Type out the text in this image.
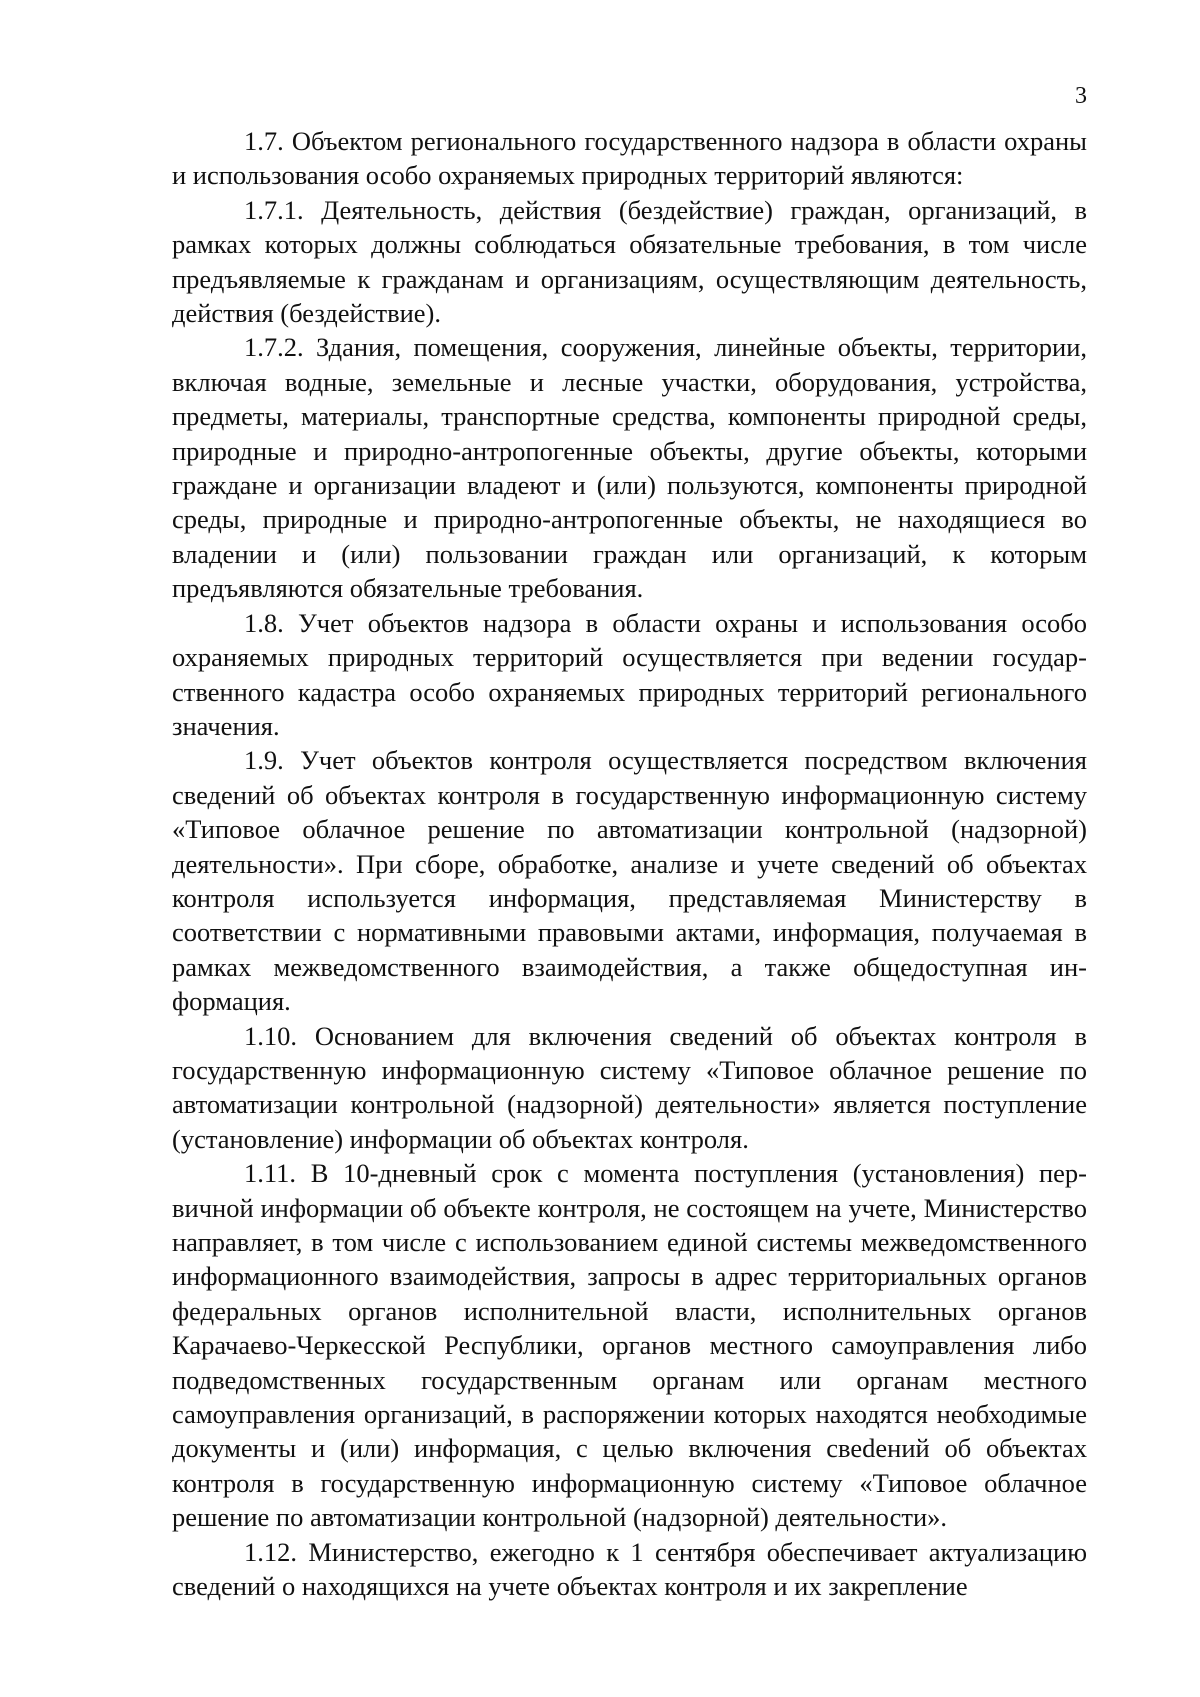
3

1.7. Объектом регионального государственного надзора в области охраны и использования особо охраняемых природных территорий являются:

1.7.1. Деятельность, действия (бездействие) граждан, организаций, в рамках которых должны соблюдаться обязательные требования, в том числе предъявляемые к гражданам и организациям, осуществляющим деятельность, действия (бездействие).

1.7.2. Здания, помещения, сооружения, линейные объекты, территории, включая водные, земельные и лесные участки, оборудования, устройства, предметы, материалы, транспортные средства, компоненты природной среды, природные и природно-антропогенные объекты, другие объекты, которыми граждане и организации владеют и (или) пользуются, компоненты природной среды, природные и природно-антропогенные объекты, не находящиеся во владении и (или) пользовании граждан или организаций, к которым предъявляются обязательные требования.

1.8. Учет объектов надзора в области охраны и использования особо охраняемых природных территорий осуществляется при ведении государственного кадастра особо охраняемых природных территорий регионального значения.

1.9. Учет объектов контроля осуществляется посредством включения сведений об объектах контроля в государственную информационную систему «Типовое облачное решение по автоматизации контрольной (надзорной) деятельности». При сборе, обработке, анализе и учете сведений об объектах контроля используется информация, представляемая Министерству в соответствии с нормативными правовыми актами, информация, получаемая в рамках межведомственного взаимодействия, а также общедоступная информация.

1.10. Основанием для включения сведений об объектах контроля в государственную информационную систему «Типовое облачное решение по автоматизации контрольной (надзорной) деятельности» является поступление (установление) информации об объектах контроля.

1.11. В 10-дневный срок с момента поступления (установления) первичной информации об объекте контроля, не состоящем на учете, Министерство направляет, в том числе с использованием единой системы межведомственного информационного взаимодействия, запросы в адрес территориальных органов федеральных органов исполнительной власти, исполнительных органов Карачаево-Черкесской Республики, органов местного самоуправления либо подведомственных государственным органам или органам местного самоуправления организаций, в распоряжении которых находятся необходимые документы и (или) информация, с целью включения свеdений об объектах контроля в государственную информационную систему «Типовое облачное решение по автоматизации контрольной (надзорной) деятельности».

1.12. Министерство, ежегодно к 1 сентября обеспечивает актуализацию сведений о находящихся на учете объектах контроля и их закрепление
